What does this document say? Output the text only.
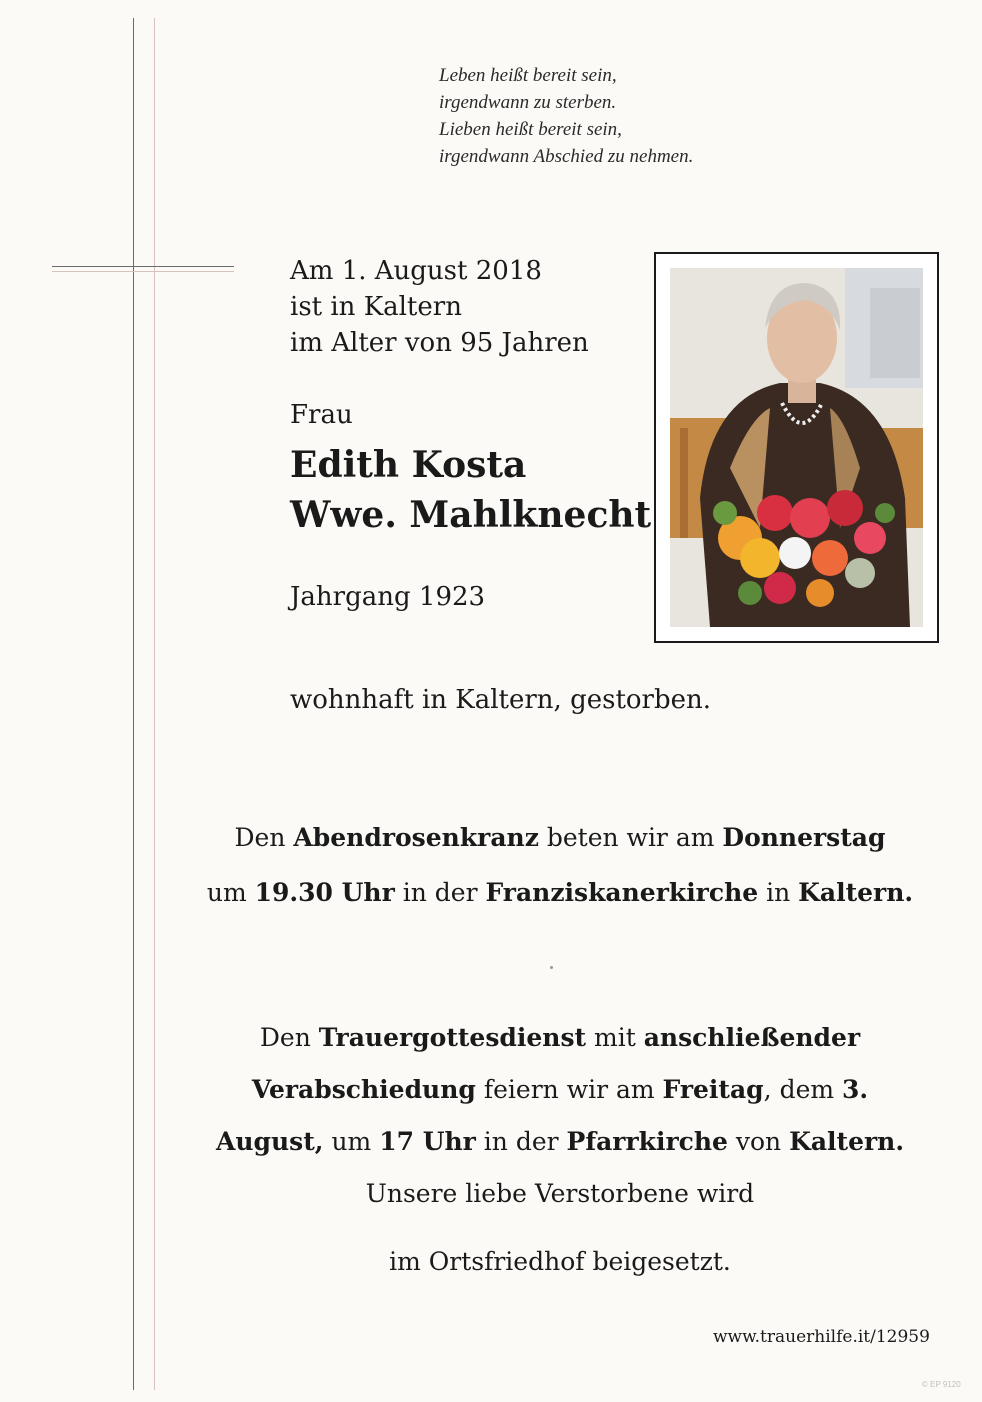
Leben heißt bereit sein,
irgendwann zu sterben.
Lieben heißt bereit sein,
irgendwann Abschied zu nehmen.
Am 1. August 2018
ist in Kaltern
im Alter von 95 Jahren
Frau
Edith Kosta
Wwe. Mahlknecht
Jahrgang 1923
wohnhaft in Kaltern, gestorben.
Den Abendrosenkranz beten wir am Donnerstag
um 19.30 Uhr in der Franziskanerkirche in Kaltern.
Den Trauergottesdienst mit anschließender
Verabschiedung feiern wir am Freitag, dem 3.
August, um 17 Uhr in der Pfarrkirche von Kaltern.
Unsere liebe Verstorbene wird
im Ortsfriedhof beigesetzt.
www.trauerhilfe.it/12959
© EP 9120
